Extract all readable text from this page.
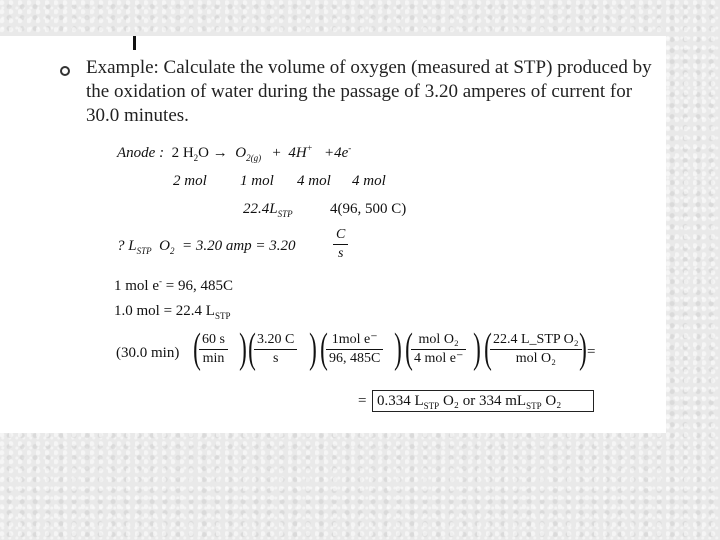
Example: Calculate the volume of oxygen (measured at STP) produced by the oxidation of water during the passage of 3.20 amperes of current for 30.0 minutes.
Anode : 2 $H_2O \to O_{2(g)} + 4H^+ +4e^-$
2 mol 1 mol 4 mol 4 mol
$22.4L_{STP}$ 4(96, 500 C)
? $L_{STP}$ $O_2 = 3.20$ amp = 3.20	$\frac{C}{s}$
1 mol e- = 96, 485C
1.0 mol = 22.4 $L_{STP}$
(30.0 min) ( 60 s
min ) (
$\frac{3.20 C}{s}$ ) ( 1mol e⁻
96, 485C ) ( mol O₂
4 mol e⁻ ) ( 22.4 L_STP O₂
mol O₂ ) =
= 0.334 $L_{STP}$ O₂ or 334 $mL_{STP}$ O₂
